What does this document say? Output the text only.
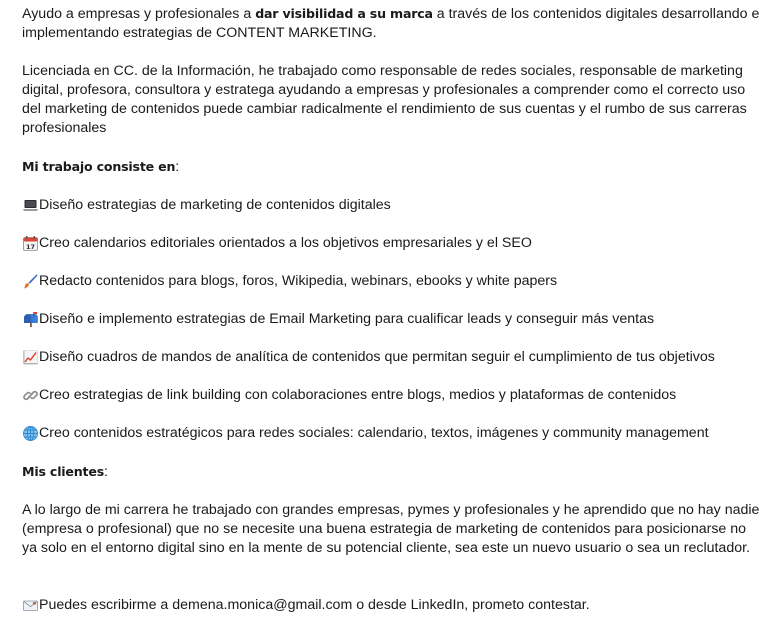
Ayudo a empresas y profesionales a dar visibilidad a su marca a través de los contenidos digitales desarrollando e implementando estrategias de CONTENT MARKETING.

Licenciada en CC. de la Información, he trabajado como responsable de redes sociales, responsable de marketing digital, profesora, consultora y estratega ayudando a empresas y profesionales a comprender como el correcto uso del marketing de contenidos puede cambiar radicalmente el rendimiento de sus cuentas y el rumbo de sus carreras profesionales

Mi trabajo consiste en:

Diseño estrategias de marketing de contenidos digitales
17 Creo calendarios editoriales orientados a los objetivos empresariales y el SEO
Redacto contenidos para blogs, foros, Wikipedia, webinars, ebooks y white papers
Diseño e implemento estrategias de Email Marketing para cualificar leads y conseguir más ventas
Diseño cuadros de mandos de analítica de contenidos que permitan seguir el cumplimiento de tus objetivos
Creo estrategias de link building con colaboraciones entre blogs, medios y plataformas de contenidos
Creo contenidos estratégicos para redes sociales: calendario, textos, imágenes y community management

Mis clientes:

A lo largo de mi carrera he trabajado con grandes empresas, pymes y profesionales y he aprendido que no hay nadie (empresa o profesional) que no se necesite una buena estrategia de marketing de contenidos para posicionarse no ya solo en el entorno digital sino en la mente de su potencial cliente, sea este un nuevo usuario o sea un reclutador.

Puedes escribirme a demena.monica@gmail.com o desde LinkedIn, prometo contestar.
